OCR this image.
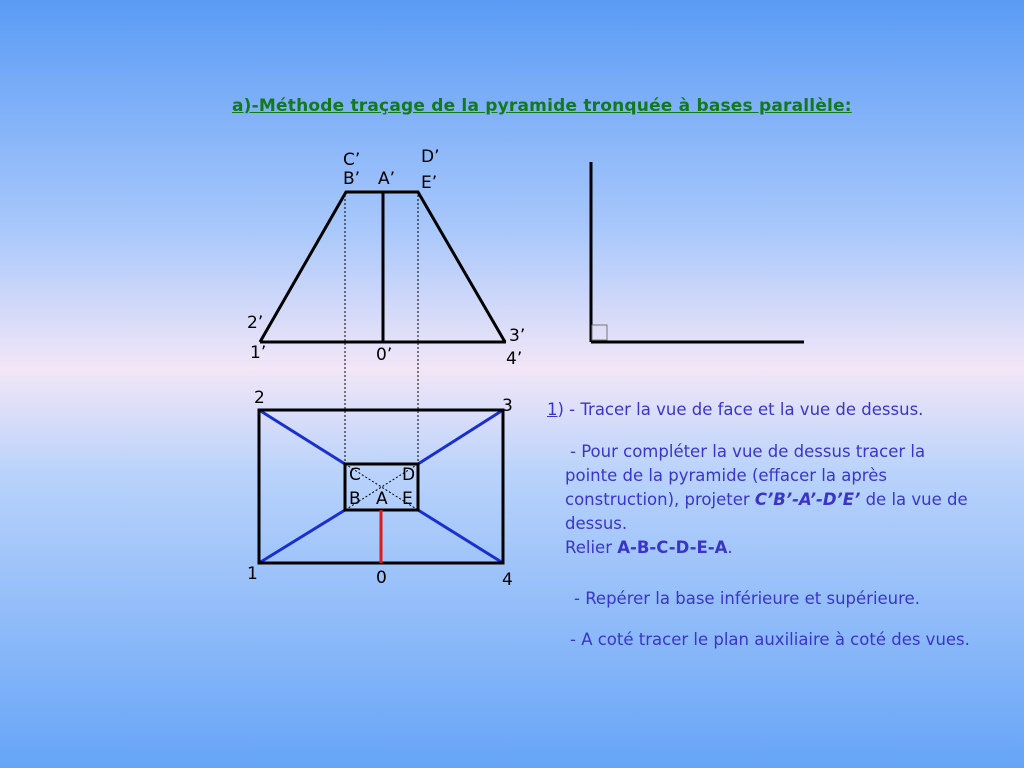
a)-Méthode traçage de la pyramide tronquée à bases parallèle:
C’	D’
B’ A’ E’
2’
3’
1’	0’	4’
2	3
1	0	4
C D
B A E
1) - Tracer la vue de face et la vue de dessus.
- Pour compléter la vue de dessus tracer la
pointe de la pyramide (effacer la après
construction), projeter C’B’-A’-D’E’ de la vue de
dessus.
Relier A-B-C-D-E-A.
- Repérer la base inférieure et supérieure.
- A coté tracer le plan auxiliaire à coté des vues.
